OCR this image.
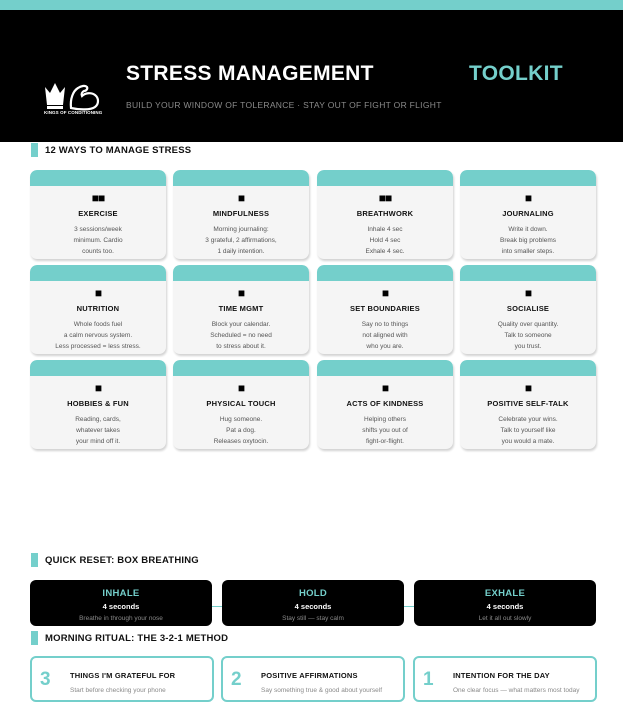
KINGS OF CONDITIONING
STRESS MANAGEMENT	TOOLKIT
BUILD YOUR WINDOW OF TOLERANCE · STAY OUT OF FIGHT OR FLIGHT
12 WAYS TO MANAGE STRESS
■■
EXERCISE
3 sessions/week
minimum. Cardio
counts too.
■
MINDFULNESS
Morning journaling:
3 grateful, 2 affirmations,
1 daily intention.
■■
BREATHWORK
Inhale 4 sec
Hold 4 sec
Exhale 4 sec.
■
JOURNALING
Write it down.
Break big problems
into smaller steps.
■
NUTRITION
Whole foods fuel
a calm nervous system.
Less processed = less stress.
■
TIME MGMT
Block your calendar.
Scheduled = no need
to stress about it.
■
SET BOUNDARIES
Say no to things
not aligned with
who you are.
■
SOCIALISE
Quality over quantity.
Talk to someone
you trust.
■
HOBBIES & FUN
Reading, cards,
whatever takes
your mind off it.
■
PHYSICAL TOUCH
Hug someone.
Pat a dog.
Releases oxytocin.
■
ACTS OF KINDNESS
Helping others
shifts you out of
fight-or-flight.
■
POSITIVE SELF-TALK
Celebrate your wins.
Talk to yourself like
you would a mate.
QUICK RESET: BOX BREATHING
INHALE
4 seconds
Breathe in through your nose
HOLD
4 seconds
Stay still — stay calm
EXHALE
4 seconds
Let it all out slowly
MORNING RITUAL: THE 3-2-1 METHOD
3	THINGS I'M GRATEFUL FOR
Start before checking your phone
2	POSITIVE AFFIRMATIONS
Say something true & good about yourself
1	INTENTION FOR THE DAY
One clear focus — what matters most today
